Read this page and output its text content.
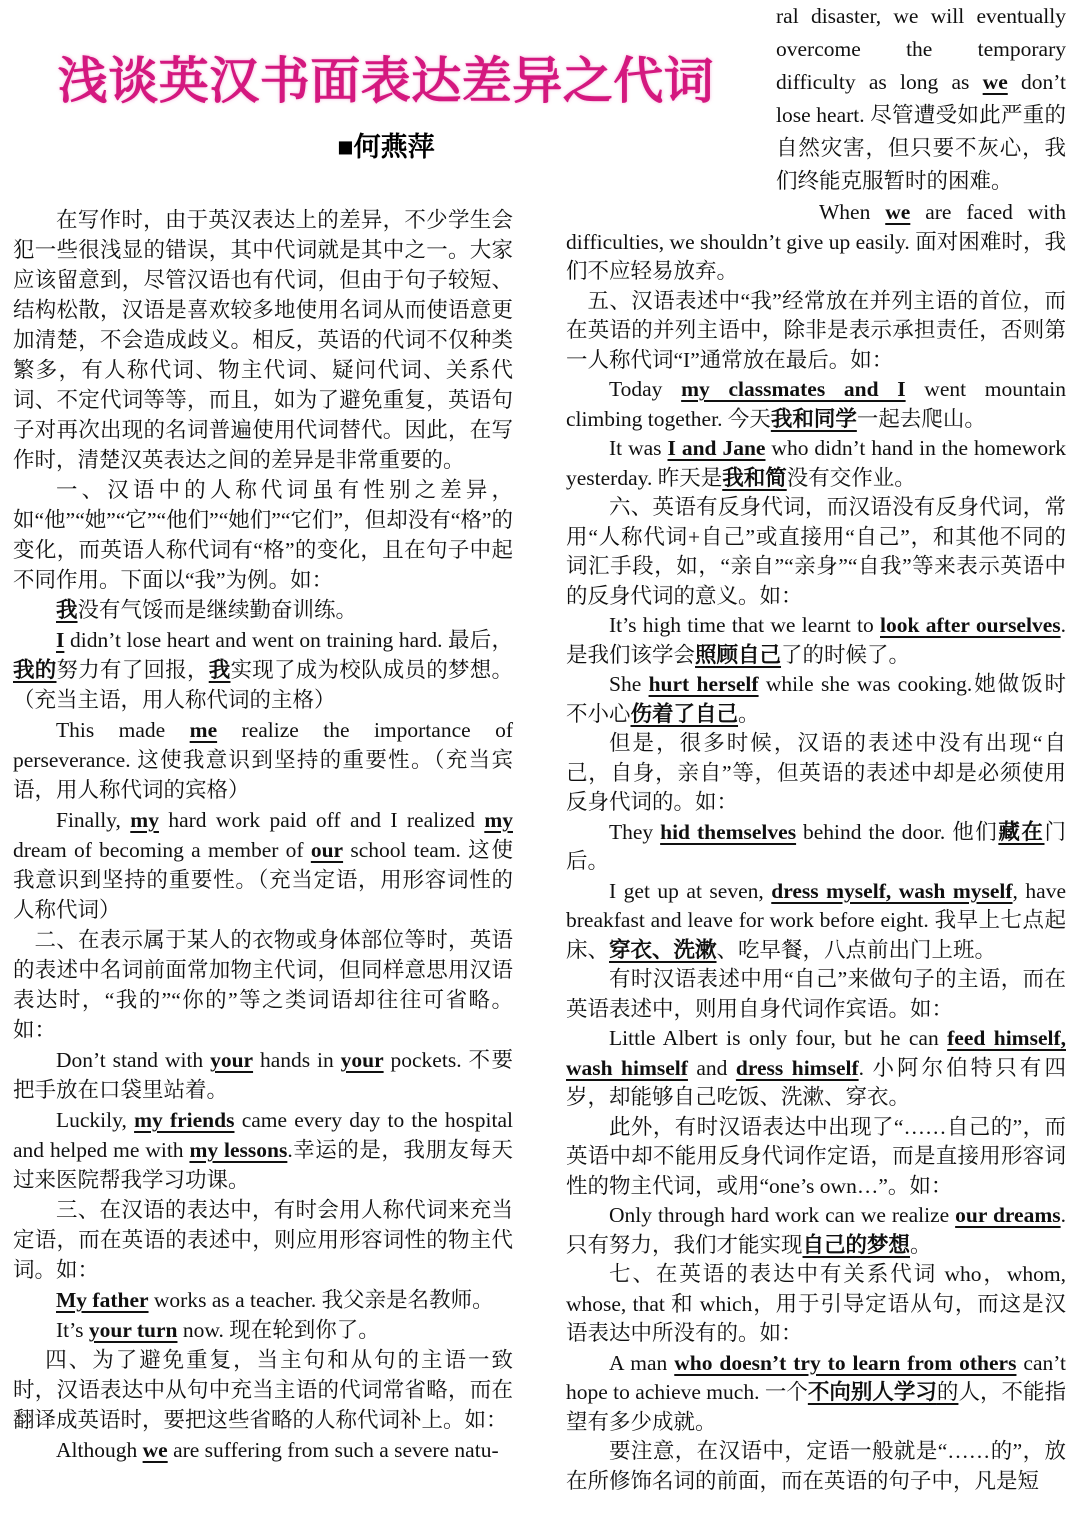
浅谈英汉书面表达差异之代词
■何燕萍

在写作时，由于英汉表达上的差异，不少学生会犯一些很浅显的错误，其中代词就是其中之一。大家应该留意到，尽管汉语也有代词，但由于句子较短、结构松散，汉语是喜欢较多地使用名词从而使语意更加清楚，不会造成歧义。相反，英语的代词不仅种类繁多，有人称代词、物主代词、疑问代词、关系代词、不定代词等等，而且，如为了避免重复，英语句子对再次出现的名词普遍使用代词替代。因此，在写作时，清楚汉英表达之间的差异是非常重要的。

一、汉语中的人称代词虽有性别之差异，如“他”“她”“它”“他们”“她们”“它们”，但却没有“格”的变化，而英语人称代词有“格”的变化，且在句子中起不同作用。下面以“我”为例。如：

我没有气馁而是继续勤奋训练。

I didn’t lose heart and went on training hard. 最后，我的努力有了回报，我实现了成为校队成员的梦想。（充当主语，用人称代词的主格）

This made me realize the importance of perseverance. 这使我意识到坚持的重要性。（充当宾语，用人称代词的宾格）

Finally, my hard work paid off and I realized my dream of becoming a member of our school team. 这使我意识到坚持的重要性。（充当定语，用形容词性的人称代词）

二、在表示属于某人的衣物或身体部位等时，英语的表述中名词前面常加物主代词，但同样意思用汉语表达时，“我的”“你的”等之类词语却往往可省略。如：

Don’t stand with your hands in your pockets. 不要把手放在口袋里站着。

Luckily, my friends came every day to the hospital and helped me with my lessons.幸运的是，我朋友每天过来医院帮我学习功课。

三、在汉语的表达中，有时会用人称代词来充当定语，而在英语的表述中，则应用形容词性的物主代词。如：

My father works as a teacher. 我父亲是名教师。

It’s your turn now. 现在轮到你了。

四、为了避免重复，当主句和从句的主语一致时，汉语表达中从句中充当主语的代词常省略，而在翻译成英语时，要把这些省略的人称代词补上。如：

Although we are suffering from such a severe natu-

ral disaster, we will eventually overcome the temporary difficulty as long as we don’t lose heart. 尽管遭受如此严重的自然灾害，但只要不灰心，我们终能克服暂时的困难。

When we are faced with difficulties, we shouldn’t give up easily. 面对困难时，我们不应轻易放弃。

五、汉语表述中“我”经常放在并列主语的首位，而在英语的并列主语中，除非是表示承担责任，否则第一人称代词“I”通常放在最后。如：

Today my classmates and I went mountain climbing together. 今天我和同学一起去爬山。

It was I and Jane who didn’t hand in the homework yesterday. 昨天是我和简没有交作业。

六、英语有反身代词，而汉语没有反身代词，常用“人称代词+自己”或直接用“自己”，和其他不同的词汇手段，如，“亲自”“亲身”“自我”等来表示英语中的反身代词的意义。如：

It’s high time that we learnt to look after ourselves. 是我们该学会照顾自己了的时候了。

She hurt herself while she was cooking.她做饭时不小心伤着了自己。

但是，很多时候，汉语的表述中没有出现“自己，自身，亲自”等，但英语的表述中却是必须使用反身代词的。如：

They hid themselves behind the door. 他们藏在门后。

I get up at seven, dress myself, wash myself, have breakfast and leave for work before eight. 我早上七点起床、穿衣、洗漱、吃早餐，八点前出门上班。

有时汉语表述中用“自己”来做句子的主语，而在英语表述中，则用自身代词作宾语。如：

Little Albert is only four, but he can feed himself, wash himself and dress himself. 小阿尔伯特只有四岁，却能够自己吃饭、洗漱、穿衣。

此外，有时汉语表达中出现了“……自己的”，而英语中却不能用反身代词作定语，而是直接用形容词性的物主代词，或用“one’s own…”。如：

Only through hard work can we realize our dreams. 只有努力，我们才能实现自己的梦想。

七、在英语的表达中有关系代词 who，whom, whose, that 和 which，用于引导定语从句，而这是汉语表达中所没有的。如：

A man who doesn’t try to learn from others can’t hope to achieve much. 一个不向别人学习的人，不能指望有多少成就。

要注意，在汉语中，定语一般就是“……的”，放在所修饰名词的前面，而在英语的句子中，凡是短
